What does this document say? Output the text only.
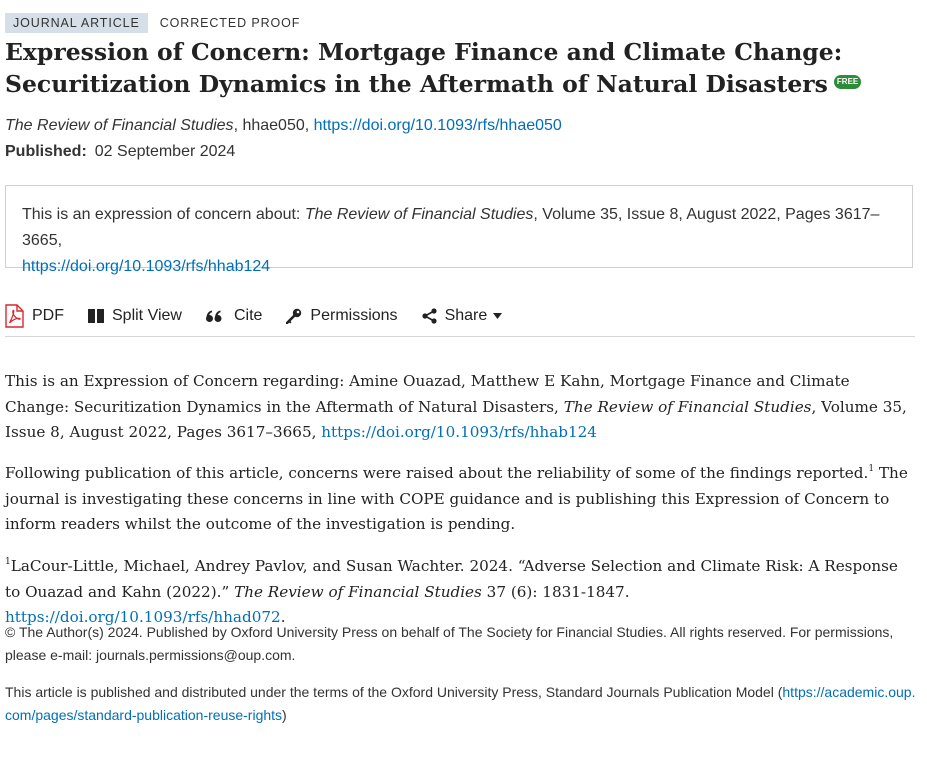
JOURNAL ARTICLE	CORRECTED PROOF
Expression of Concern: Mortgage Finance and Climate Change: Securitization Dynamics in the Aftermath of Natural Disasters FREE
The Review of Financial Studies, hhae050, https://doi.org/10.1093/rfs/hhae050
Published: 02 September 2024
This is an expression of concern about: The Review of Financial Studies, Volume 35, Issue 8, August 2022, Pages 3617–3665,
https://doi.org/10.1093/rfs/hhab124
PDF	Split View	Cite	Permissions	Share

This is an Expression of Concern regarding: Amine Ouazad, Matthew E Kahn, Mortgage Finance and Climate Change: Securitization Dynamics in the Aftermath of Natural Disasters, The Review of Financial Studies, Volume 35, Issue 8, August 2022, Pages 3617–3665, https://doi.org/10.1093/rfs/hhab124

Following publication of this article, concerns were raised about the reliability of some of the findings reported.$^1$ The journal is investigating these concerns in line with COPE guidance and is publishing this Expression of Concern to inform readers whilst the outcome of the investigation is pending.

$^1$LaCour-Little, Michael, Andrey Pavlov, and Susan Wachter. 2024. “Adverse Selection and Climate Risk: A Response to Ouazad and Kahn (2022).” The Review of Financial Studies 37 (6): 1831-1847. https://doi.org/10.1093/rfs/hhad072.

© The Author(s) 2024. Published by Oxford University Press on behalf of The Society for Financial Studies. All rights reserved. For permissions, please e-mail: journals.permissions@oup.com.

This article is published and distributed under the terms of the Oxford University Press, Standard Journals Publication Model (https://academic.oup.com/pages/standard-publication-reuse-rights)
